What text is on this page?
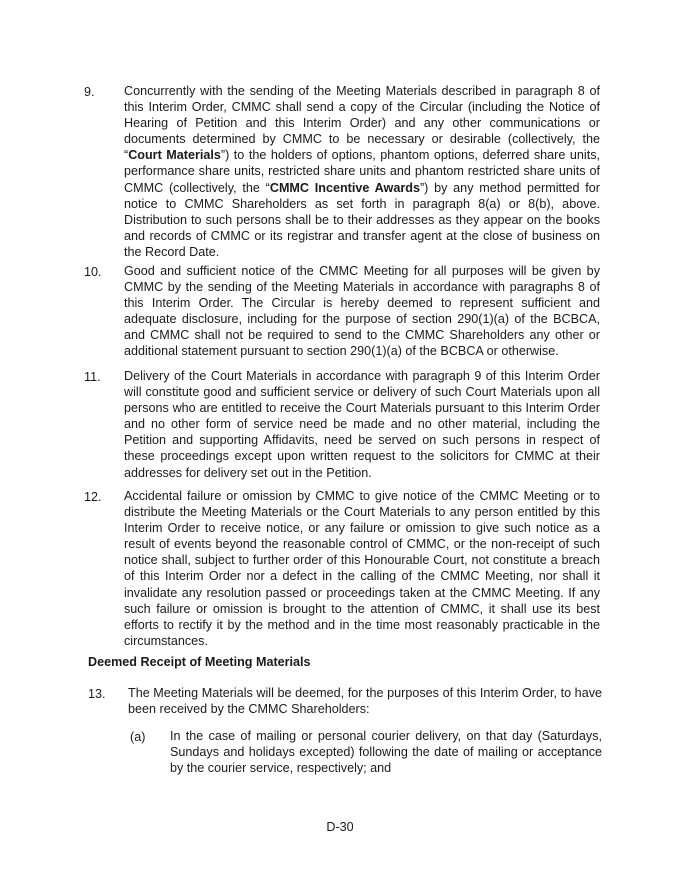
9. Concurrently with the sending of the Meeting Materials described in paragraph 8 of this Interim Order, CMMC shall send a copy of the Circular (including the Notice of Hearing of Petition and this Interim Order) and any other communications or documents determined by CMMC to be necessary or desirable (collectively, the “Court Materials”) to the holders of options, phantom options, deferred share units, performance share units, restricted share units and phantom restricted share units of CMMC (collectively, the “CMMC Incentive Awards”) by any method permitted for notice to CMMC Shareholders as set forth in paragraph 8(a) or 8(b), above. Distribution to such persons shall be to their addresses as they appear on the books and records of CMMC or its registrar and transfer agent at the close of business on the Record Date.
10. Good and sufficient notice of the CMMC Meeting for all purposes will be given by CMMC by the sending of the Meeting Materials in accordance with paragraphs 8 of this Interim Order. The Circular is hereby deemed to represent sufficient and adequate disclosure, including for the purpose of section 290(1)(a) of the BCBCA, and CMMC shall not be required to send to the CMMC Shareholders any other or additional statement pursuant to section 290(1)(a) of the BCBCA or otherwise.
11. Delivery of the Court Materials in accordance with paragraph 9 of this Interim Order will constitute good and sufficient service or delivery of such Court Materials upon all persons who are entitled to receive the Court Materials pursuant to this Interim Order and no other form of service need be made and no other material, including the Petition and supporting Affidavits, need be served on such persons in respect of these proceedings except upon written request to the solicitors for CMMC at their addresses for delivery set out in the Petition.
12. Accidental failure or omission by CMMC to give notice of the CMMC Meeting or to distribute the Meeting Materials or the Court Materials to any person entitled by this Interim Order to receive notice, or any failure or omission to give such notice as a result of events beyond the reasonable control of CMMC, or the non-receipt of such notice shall, subject to further order of this Honourable Court, not constitute a breach of this Interim Order nor a defect in the calling of the CMMC Meeting, nor shall it invalidate any resolution passed or proceedings taken at the CMMC Meeting. If any such failure or omission is brought to the attention of CMMC, it shall use its best efforts to rectify it by the method and in the time most reasonably practicable in the circumstances.
Deemed Receipt of Meeting Materials
13. The Meeting Materials will be deemed, for the purposes of this Interim Order, to have been received by the CMMC Shareholders:
(a) In the case of mailing or personal courier delivery, on that day (Saturdays, Sundays and holidays excepted) following the date of mailing or acceptance by the courier service, respectively; and
D-30
